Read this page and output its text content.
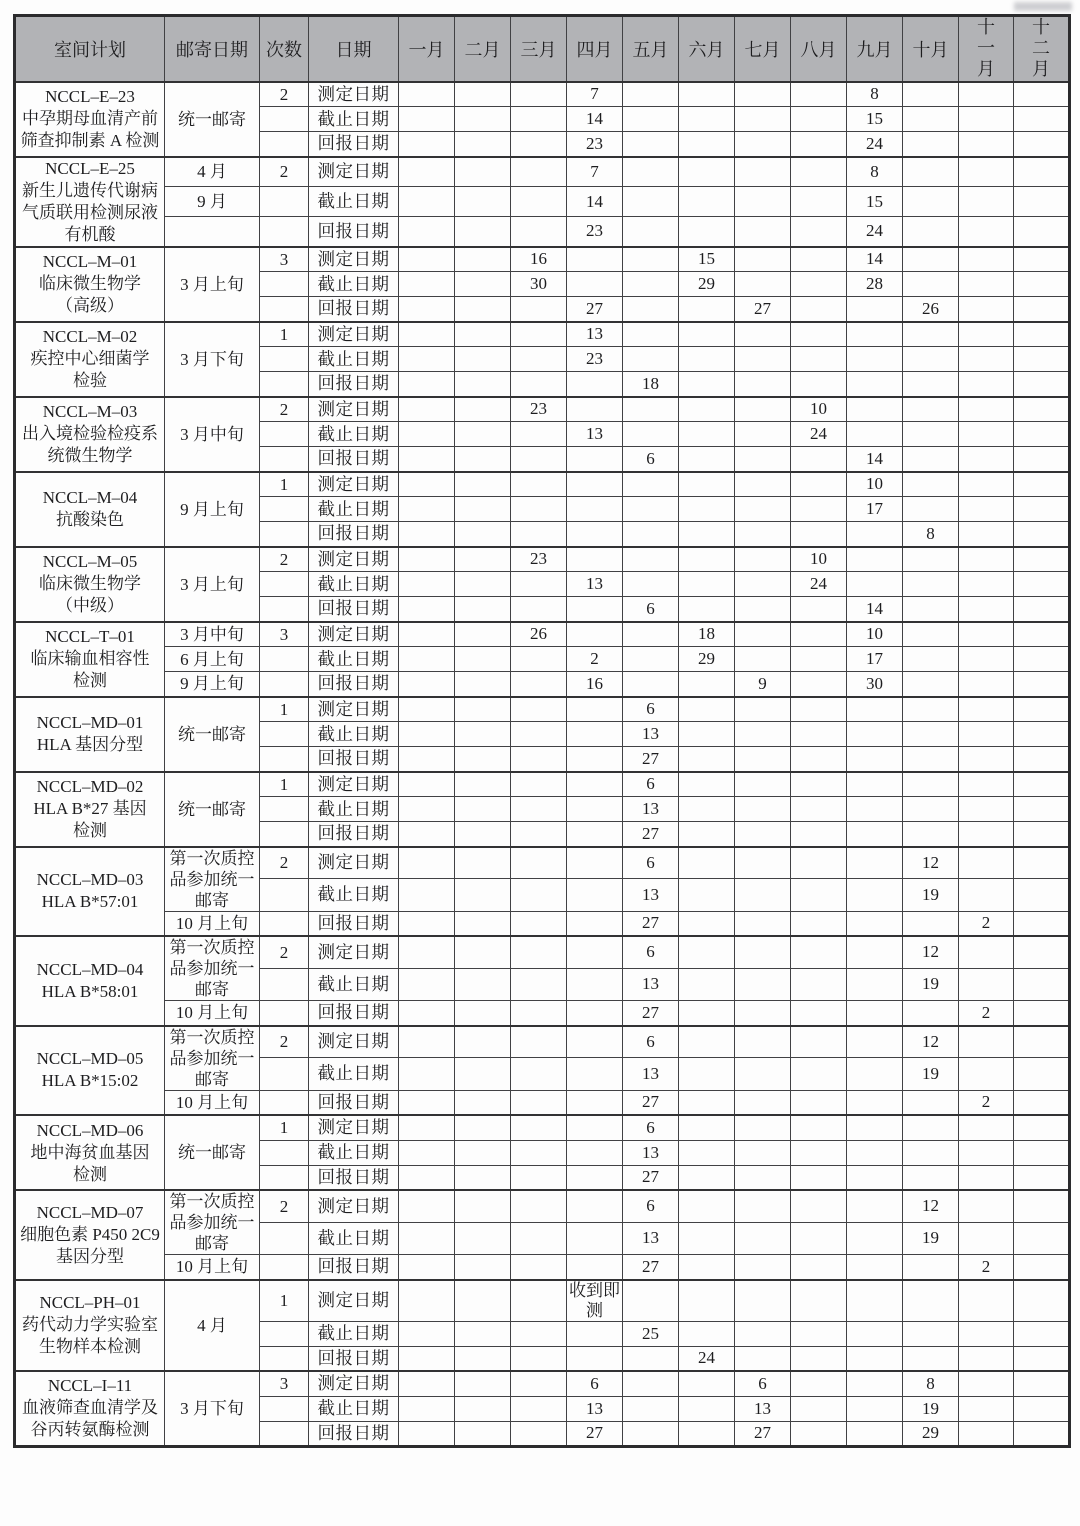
室间计划	邮寄日期	次数	日期	一月	二月	三月	四月	五月	六月	七月	八月	九月	十月	十一月	十二月

NCCL–E–23
中孕期母血清产前
筛查抑制素 A 检测	统一邮寄	2	测定日期				7					8			
			截止日期				14					15			
			回报日期				23					24			

NCCL–E–25
新生儿遗传代谢病
气质联用检测尿液
有机酸	4 月	2	测定日期				7					8			
	9 月		截止日期				14					15			
			回报日期				23					24			

NCCL–M–01
临床微生物学
（高级）	3 月上旬	3	测定日期			16			15			14			
			截止日期			30			29			28			
			回报日期				27			27			26		

NCCL–M–02
疾控中心细菌学
检验	3 月下旬	1	测定日期				13								
			截止日期				23								
			回报日期					18							

NCCL–M–03
出入境检验检疫系
统微生物学	3 月中旬	2	测定日期			23					10				
			截止日期				13				24				
			回报日期					6				14			

NCCL–M–04
抗酸染色	9 月上旬	1	测定日期									10			
			截止日期									17			
			回报日期										8		

NCCL–M–05
临床微生物学
（中级）	3 月上旬	2	测定日期			23					10				
			截止日期				13				24				
			回报日期					6				14			

NCCL–T–01
临床输血相容性
检测	3 月中旬	3	测定日期			26			18			10			
	6 月上旬		截止日期				2		29			17			
	9 月上旬		回报日期				16			9		30			

NCCL–MD–01
HLA 基因分型	统一邮寄	1	测定日期					6							
			截止日期					13							
			回报日期					27							

NCCL–MD–02
HLA B*27 基因
检测	统一邮寄	1	测定日期					6							
			截止日期					13							
			回报日期					27							

NCCL–MD–03
HLA B*57:01	第一次质控品参加统一邮寄	2	测定日期					6					12		
			截止日期					13					19		
	10 月上旬		回报日期					27						2	

NCCL–MD–04
HLA B*58:01	第一次质控品参加统一邮寄	2	测定日期					6					12		
			截止日期					13					19		
	10 月上旬		回报日期					27						2	

NCCL–MD–05
HLA B*15:02	第一次质控品参加统一邮寄	2	测定日期					6					12		
			截止日期					13					19		
	10 月上旬		回报日期					27						2	

NCCL–MD–06
地中海贫血基因
检测	统一邮寄	1	测定日期					6							
			截止日期					13							
			回报日期					27							

NCCL–MD–07
细胞色素 P450 2C9
基因分型	第一次质控品参加统一邮寄	2	测定日期					6					12		
			截止日期					13					19		
	10 月上旬		回报日期					27						2	

NCCL–PH–01
药代动力学实验室
生物样本检测	4 月	1	测定日期				收到即测								
			截止日期					25							
			回报日期						24						

NCCL–I–11
血液筛查血清学及
谷丙转氨酶检测	3 月下旬	3	测定日期				6			6			8		
			截止日期				13			13			19		
			回报日期				27			27			29		
